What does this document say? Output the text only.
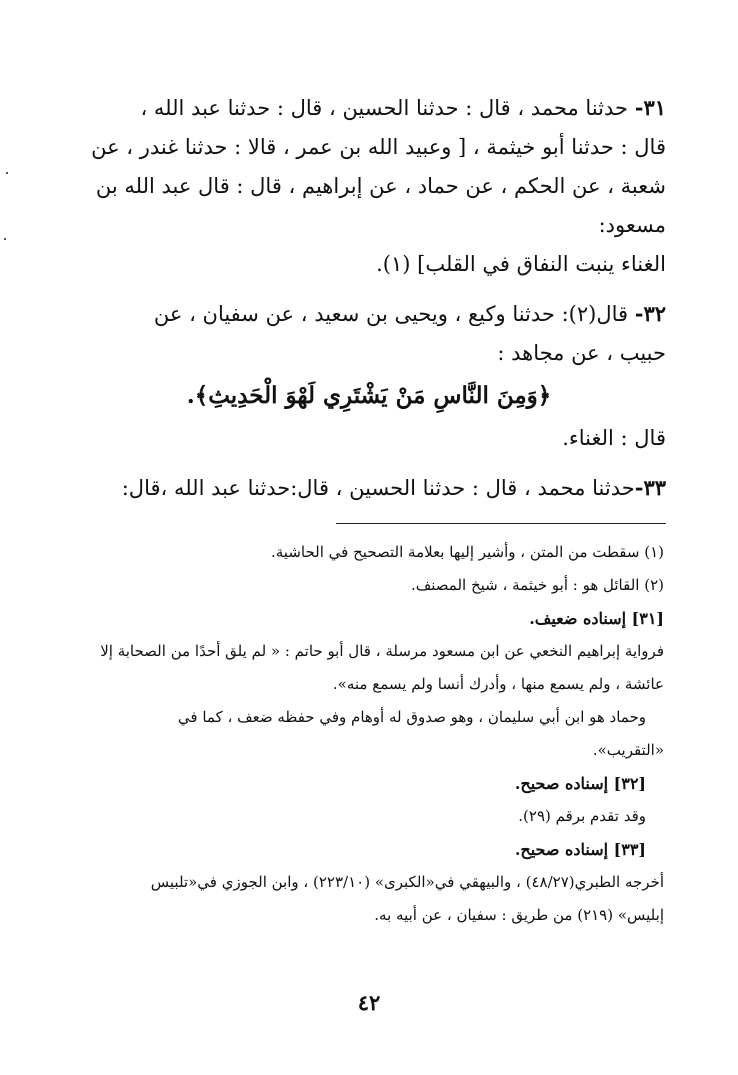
٣١- حدثنا محمد ، قال : حدثنا الحسين ، قال : حدثنا عبد الله ،

قال : حدثنا أبو خيثمة ، [ وعبيد الله بن عمر ، قالا : حدثنا غندر ، عن

شعبة ، عن الحكم ، عن حماد ، عن إبراهيم ، قال : قال عبد الله بن

مسعود:

الغناء ينبت النفاق في القلب] (١).

٣٢- قال(٢): حدثنا وكيع ، ويحيى بن سعيد ، عن سفيان ، عن

حبيب ، عن مجاهد :

﴿وَمِنَ النَّاسِ مَنْ يَشْتَرِي لَهْوَ الْحَدِيثِ﴾.

قال : الغناء.

٣٣-حدثنا محمد ، قال : حدثنا الحسين ، قال:حدثنا عبد الله ،قال:

(١) سقطت من المتن ، وأشير إليها بعلامة التصحيح في الحاشية.

(٢) القائل هو : أبو خيثمة ، شيخ المصنف.

[٣١] إسناده ضعيف.

فرواية إبراهيم النخعي عن ابن مسعود مرسلة ، قال أبو حاتم : « لم يلق أحدًا من الصحابة إلا

عائشة ، ولم يسمع منها ، وأدرك أنسا ولم يسمع منه».

وحماد هو ابن أبي سليمان ، وهو صدوق له أوهام وفي حفظه ضعف ، كما في

«التقريب».

[٣٢] إسناده صحيح.

وقد تقدم برقم (٢٩).

[٣٣] إسناده صحيح.

أخرجه الطبري(٤٨/٢٧) ، والبيهقي في«الكبرى» (٢٢٣/١٠) ، وابن الجوزي في«تلبيس

إبليس» (٢١٩) من طريق : سفيان ، عن أبيه به.

٤٢
